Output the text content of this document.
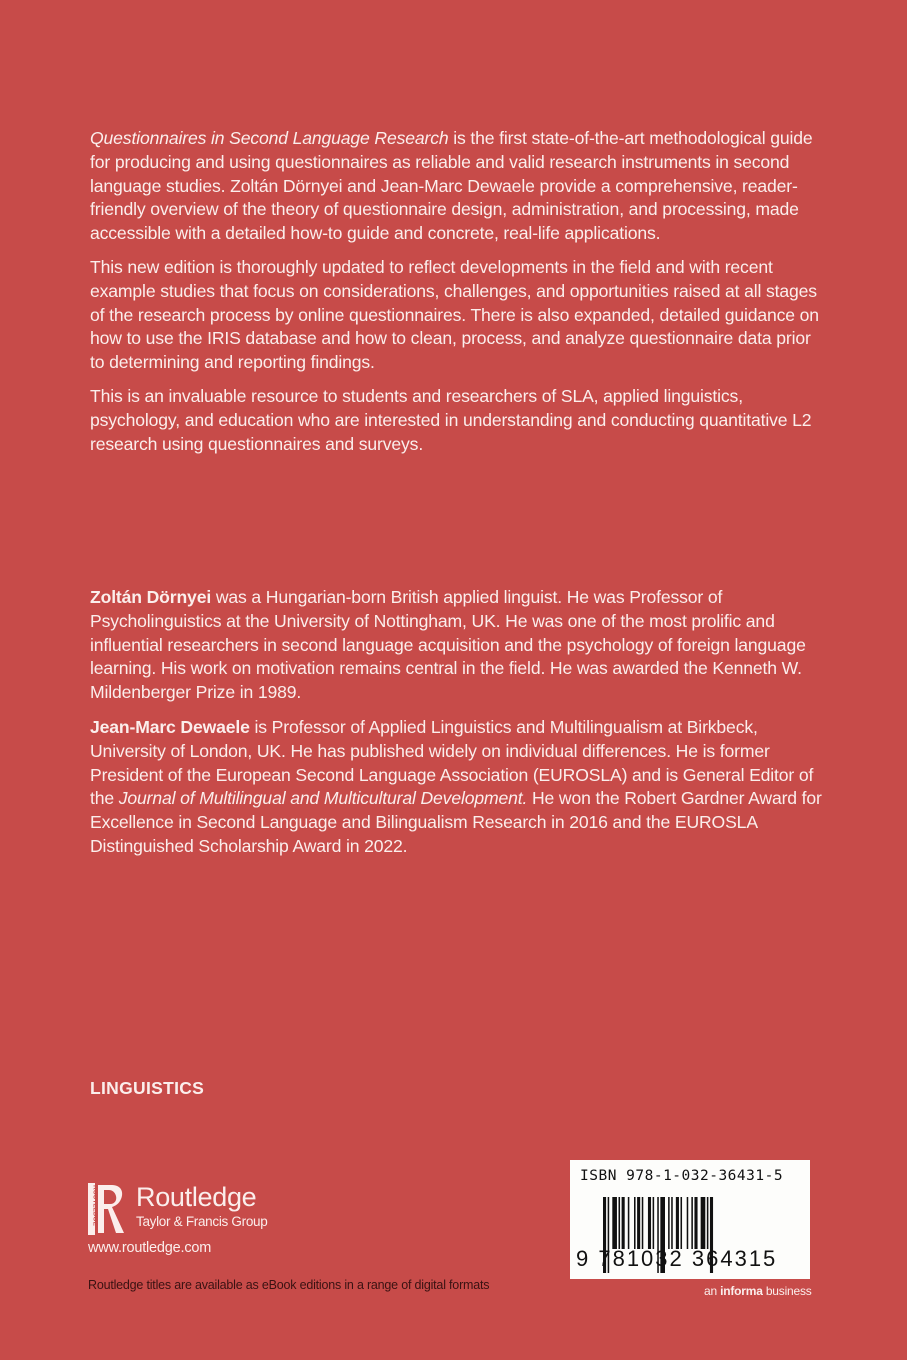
Questionnaires in Second Language Research is the first state-of-the-art methodological guide for producing and using questionnaires as reliable and valid research instruments in second language studies. Zoltán Dörnyei and Jean-Marc Dewaele provide a comprehensive, reader-friendly overview of the theory of questionnaire design, administration, and processing, made accessible with a detailed how-to guide and concrete, real-life applications.

This new edition is thoroughly updated to reflect developments in the field and with recent example studies that focus on considerations, challenges, and opportunities raised at all stages of the research process by online questionnaires. There is also expanded, detailed guidance on how to use the IRIS database and how to clean, process, and analyze questionnaire data prior to determining and reporting findings.

This is an invaluable resource to students and researchers of SLA, applied linguistics, psychology, and education who are interested in understanding and conducting quantitative L2 research using questionnaires and surveys.

Zoltán Dörnyei was a Hungarian-born British applied linguist. He was Professor of Psycholinguistics at the University of Nottingham, UK. He was one of the most prolific and influential researchers in second language acquisition and the psychology of foreign language learning. His work on motivation remains central in the field. He was awarded the Kenneth W. Mildenberger Prize in 1989.

Jean-Marc Dewaele is Professor of Applied Linguistics and Multilingualism at Birkbeck, University of London, UK. He has published widely on individual differences. He is former President of the European Second Language Association (EUROSLA) and is General Editor of the Journal of Multilingual and Multicultural Development. He won the Robert Gardner Award for Excellence in Second Language and Bilingualism Research in 2016 and the EUROSLA Distinguished Scholarship Award in 2022.

LINGUISTICS
ROUTLEDGE Routledge
Taylor & Francis Group
www.routledge.com
Routledge titles are available as eBook editions in a range of digital formats
ISBN 978-1-032-36431-5
9 781032 364315
an informa business
